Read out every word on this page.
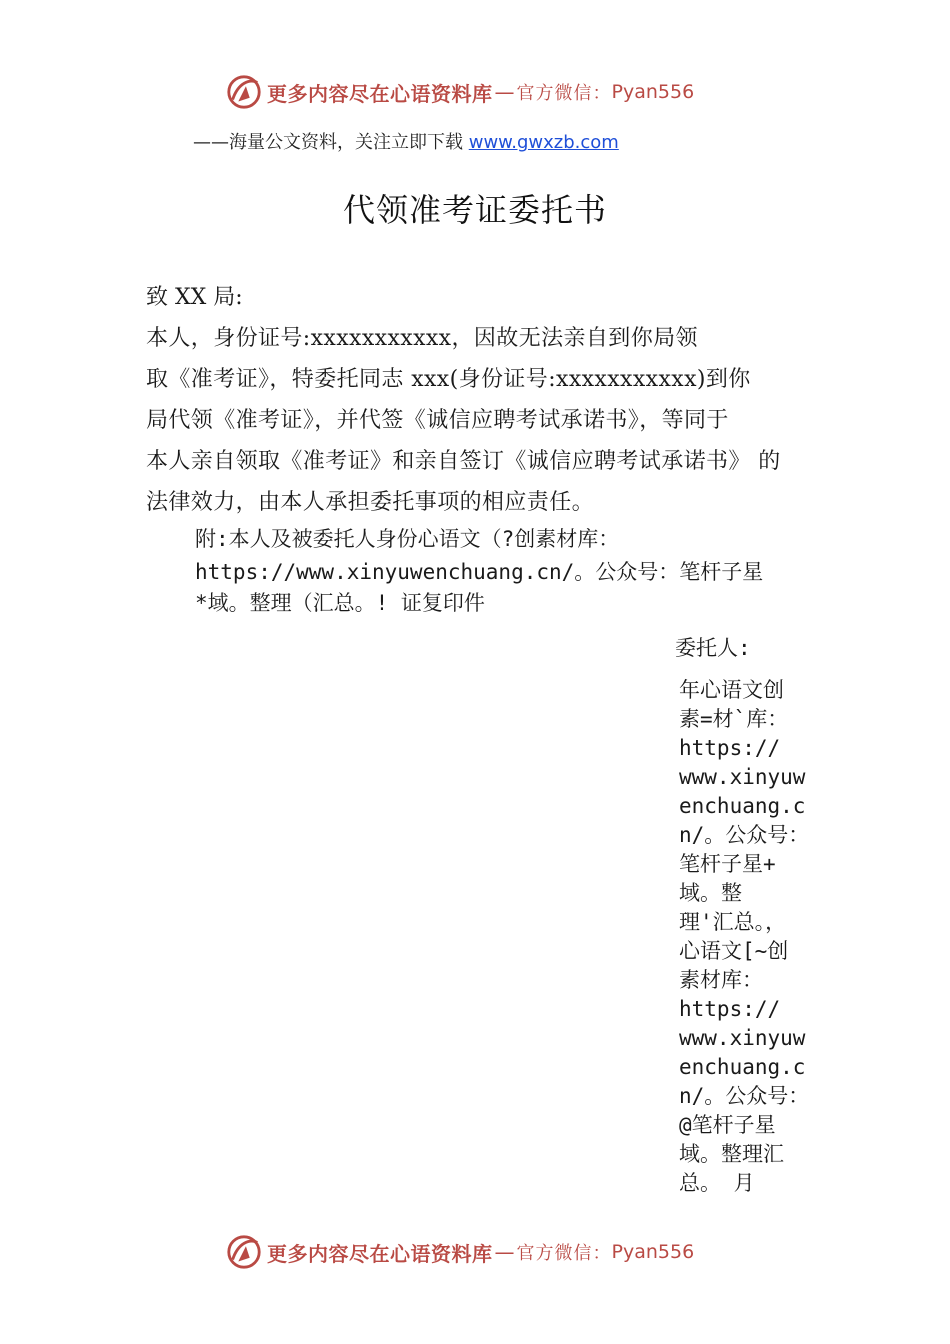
更多内容尽在心语资料库 — 官方微信： Pyan556
——海量公文资料，关注立即下载 www.gwxzb.com
代领准考证委托书
致 XX 局:
本人，身份证号:xxxxxxxxxxx，因故无法亲自到你局领
取《准考证》，特委托同志 xxx(身份证号:xxxxxxxxxxx)到你
局代领《准考证》，并代签《诚信应聘考试承诺书》，等同于
本人亲自领取《准考证》和亲自签订《诚信应聘考试承诺书》 的
法律效力，由本人承担委托事项的相应责任。
附:本人及被委托人身份心语文（?创素材库：
https://www.xinyuwenchuang.cn/。公众号：笔杆子星
*域。整理（汇总。! 证复印件
委托人:
年心语文创
素=材`库：
https://
www.xinyuw
enchuang.c
n/。公众号：
笔杆子星+
域。整
理'汇总。，
心语文[~创
素材库：
https://
www.xinyuw
enchuang.c
n/。公众号：
@笔杆子星
域。整理汇
总。 月
更多内容尽在心语资料库 — 官方微信： Pyan556
